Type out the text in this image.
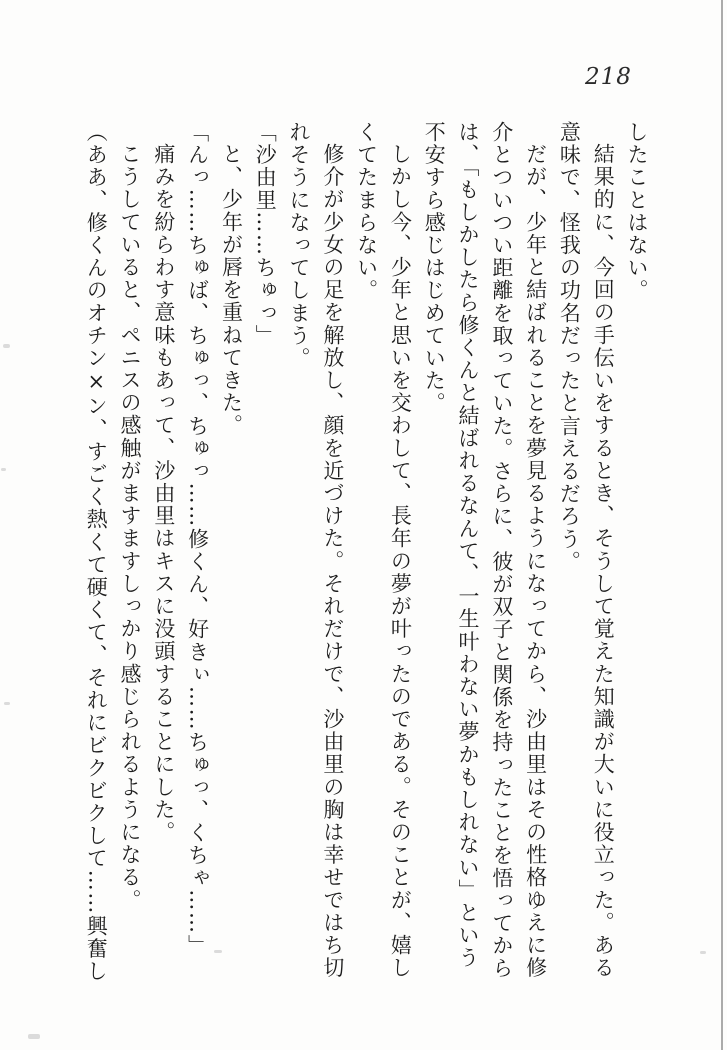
218
したことはない。
結果的に、今回の手伝いをするとき、そうして覚えた知識が大いに役立った。ある
意味で、怪我の功名だったと言えるだろう。
だが、少年と結ばれることを夢見るようになってから、沙由里はその性格ゆえに修
介とついつい距離を取っていた。さらに、彼が双子と関係を持ったことを悟ってから
は、「もしかしたら修くんと結ばれるなんて、一生叶わない夢かもしれない」という
不安すら感じはじめていた。
しかし今、少年と思いを交わして、長年の夢が叶ったのである。そのことが、嬉し
くてたまらない。
修介が少女の足を解放し、顔を近づけた。それだけで、沙由里の胸は幸せではち切
れそうになってしまう。
「沙由里……ちゅっ」
と、少年が唇を重ねてきた。
「んっ……ちゅば、ちゅっ、ちゅっ……修くん、好きぃ……ちゅっ、くちゃ……」
痛みを紛らわす意味もあって、沙由里はキスに没頭することにした。
こうしていると、ペニスの感触がますますしっかり感じられるようになる。
（ああ、修くんのオチン×ン、すごく熱くて硬くて、それにビクビクして……興奮し
